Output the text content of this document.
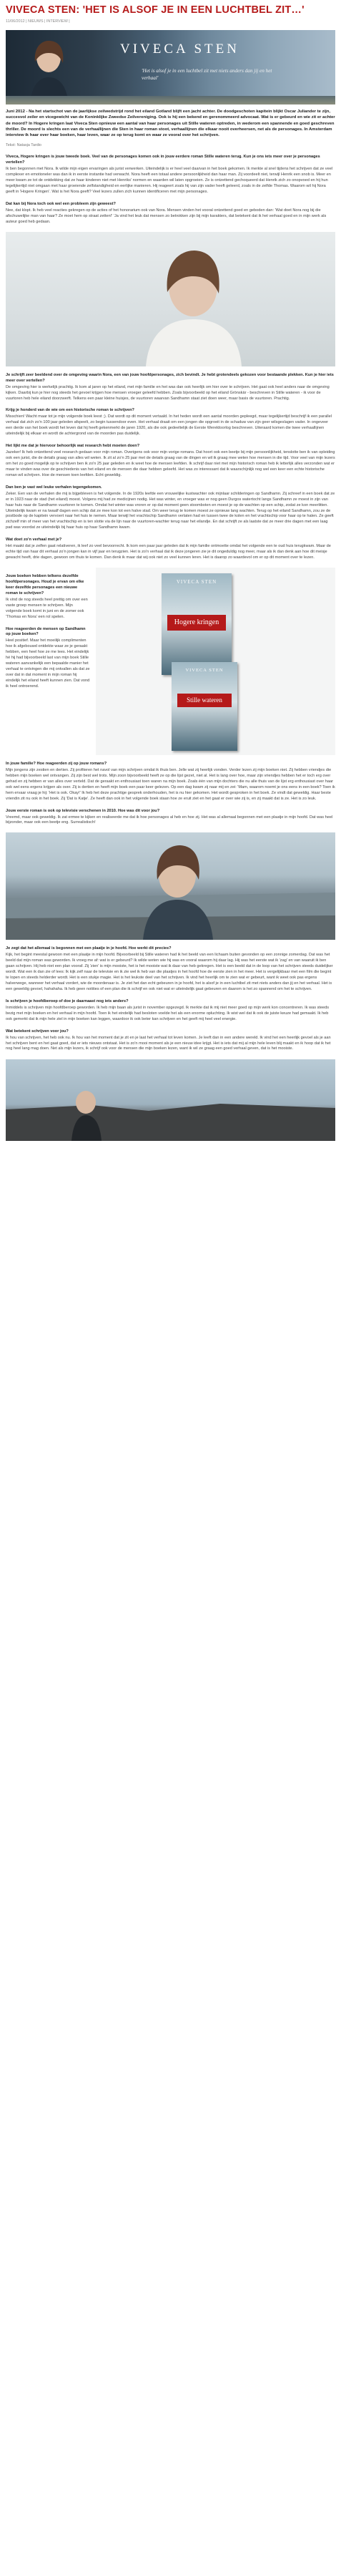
VIVECA STEN: 'HET IS ALSOF JE IN EEN LUCHTBEL ZIT…'
11/06/2012 | NIEUWS | INTERVIEW |
VIVECA STEN
'Het is alsof je in een luchtbel zit met niets anders dan jij en het verhaal'

Juni 2012 - Na het startschot van de jaarlijkse zeilwedstrijd rond het eiland Gotland blijft een jacht achter. De doodgeschoten kapitein blijkt Oscar Juliander te zijn, succesvol zeiler en vicegewicht van de Koninklijke Zweedse Zeilvereniging. Ook is hij een bekend en gerenommeerd advocaat. Wat is er gebeurd en wie zit er achter de moord? In Hogere kringen laat Viveca Sten opnieuw een aantal van haar personages uit Stille wateren optreden, in wederom een spannende en goed geschreven thriller. De moord is slechts een van de verhaallijnen die Sten in haar roman stoot, verhaallijnen die elkaar nooit overheersen, net als de personages. In Amsterdam interview ik haar over haar boeken, haar leven, waar ze op terug komt en waar ze vooral over het schrijven.

Tekst: Natasja Tardio

Viveca, Hogere kringen is jouw tweede boek. Veel van de personages komen ook in jouw eerdere roman Stille wateren terug. Kun je ons iets meer over je personages vertellen?

Ik ben begonnen met Nora. Ik wilde mijn eigen ervaringen als jurist verwerken. Uiteindelijk is er heel veel daarvan in het boek gekomen. Ik merkte al snel tijdens het schrijven dat ze veel complexer en emotioneler was dan ik in eerste instantie had verwacht. Nora heeft een totaal andere persoonlijkheid dan haar man. Zij voordeelt niet, terwijl Henrik een snob is. Meer en meer kwam ze tot de ontdekking dat ze haar kinderen niet met Henriks' normen en waarden wil laten opgroeien. Ze is ontzettend gechoqueerd dat Henrik zich zo onopvoed en hij hun tegelijkertijd niet omgaan met haar groeiende zelfstandigheid en eerlijke manieren. Hij reageert zoals hij van zijn vader heeft geleerd, zoals in de zelfde Thomas. Waarom wil hij Nora geeft in 'Hogere Kringen'. Wat is het Nora geeft? Veel lezers zullen zich kunnen identificeren met mijn personages.

Dat kan bij Nora toch ook wel een probleem zijn geweest?

Nee, dat klopt. Ik heb veel reacties gekregen op de acties of het honorarium ook van Nora. Mensen vinden het vooral ontzettend goed en geboden dan: 'Wat doet Nora nog bij die afschuwelijke man van haar? Ze moet hem op straat zetten!' 'Ja vind het leuk dat mensen zo betrokken zijn bij mijn karakters, dat betekent dat ik het verhaal goed en in mijn werk als auteur goed heb gedaan.

Je schrijft zeer beeldend over de omgeving waarin Nora, een van jouw hoofdpersonages, zich bevindt. Je hebt grotendeels gekozen voor bestaande plekken. Kun je hier iets meer over vertellen?

De omgeving hier is werkelijk prachtig. Ik kom al jaren op het eiland, met mijn familie en het was dan ook heerlijk om hier over te schrijven. Het gaat ook heel anders naar de omgeving kijken. Daarbij kun je hier nog steeds het gevoel krijgen hoe mensen vroeger geleefd hebben. Zoals bijvoorbeeld op het eiland Grönskär - beschreven in Stille wateren - ik voor de vuurtoren heb hele eiland doorzwerft. Telkens een paar kleine huisjes, de vuurtoren waarvan Sandhamn staat ziet doen weer, maar basis de vuurtoren. Prachtig.

Krijg je honderd van de wie om een historische roman te schrijven?

Misschien! Wacht maar tot je mijn volgende boek leest ;). Dat wordt op dit moment vertaald. In het heden wordt een aantal moorden gepleegd, maar tegelijkertijd beschrijf ik een parallel verhaal dat zich zo'n 100 jaar geleden afspeelt, zo begin tussendoor even. Het verhaal draait om een jongen die opgroeit in de schaduw van zijn geer wilsgeslagen vader. In ongeveer een derde van het boek wordt het leven dat hij heeft gekenmerkt de jaren 1920, als die ook gedeeltelijk de Eerste Wereldoorlog beschreven. Uiteraard komen die twee verhaallijnen uiteindelijk bij elkaar en wordt de achtergrond van de moorden pas duidelijk.

Het lijkt me dat je hiervoor behoorlijk wat research hebt moeten doen?

Jazeker! Ik heb ontzettend veel research gedaan voor mijn roman. Overigens ook voor mijn vorige romans. Dat hoort ook een beetje bij mijn persoonlijkheid, tenslotte ben ik van opleiding ook een jurist, die de details graag van alles wil weten. Ik zit al zo'n 25 jaar met de details graag van de dingen en wil ik graag mee weten hoe mensen in die tijd. Voor veel van mijn lezers om het zo goed mogelijk op te schrijven ben ik zo'n 25 jaar geleden en ik weet hoe de mensen leefden. Ik schrijf daar niet met mijn historisch roman heb ik letterlijk alles verzonden wat er maar te vinden was over de geschiedenis van het eiland en de mensen die daar hebben geleefd. Het was zo interessant dat ik waarschijnlijk nog wel een keer een echte historische roman wil schrijven. Hoe de mensen toen leefden. Echt geweldig.

Dan ben je vast wel leuke verhalen tegengekomen.

Zeker. Een van de verhalen die mij is bijgebleven is het volgende. In de 1920s leefde een vrouwelijke kustwachter ook mijnlaar schilderingen op Sandhamn. Zij schreef in een boek dat ze er in 1923 naar de stad (het eiland) moest. Volgens mij had ze medicijnen nodig. Het was winter, en vroeger was er nog geen Durgos watertocht langs Sandhamn ze moest in zijn van haar huis naar de Sandhamn vuurtoren te komen. Omdat het winter was vroren er op dat moment geen stoomboten en moest je op de wachten op een schip, zodat ze kon meerlitten. Uiteindelijk kwam er na twaalf dagen een schip dat ze mee kon tot een halve stad. Om weer terug te komen moest ze opnieuw lang wachten. Terug op het eiland Sandhamn, zou ze de postbode op de kapitein vervoert naar het huis te nemen. Maar terwijl het vrachtschip Sandhamn verlaten had en tussen twee de kolen en het vrachtschip voor haar op te halen. Ze geeft zichzelf min of meer van het vrachtschip en is ten slotte via de lijn naar de vuurtoren-wachter terug naar het eilandje. En dat schrijft ze als laatste dat ze meer drie dagen met een laag pad was voordat ze uiteindelijk bij haar huis op haar Sandhamn kwam.

Wat doet zo'n verhaal met je?

Het maakt dat je zelfen gaat relativeren, ik leef zo veel bevoorrecht. Ik kom een paar jaar geleden dat ik mijn familie ontmoette omdat het volgende een te oud huis terugkwam. Maar de echte tijd van haar dit verhaal zo'n jongen kan in vijf jaar en terugzien. Het is zo'n verhaal dat ik deze jongeren zie je dit ongeduldig nog meer, maar als ik dan denk aan hoe dit meisje gewacht heeft, drie dagen, gewoon om thuis te komen. Dan denk ik maar dat wij ook niet zo veel kunnen leren. Het is daarop zo waardevol om er op dit moment over te lezen.

Jouw boeken hebben telkens dezelfde hoofdpersonages. Houd je ervan om elke keer dezelfde personages een nieuwe roman te schrijven?

Ik vind de nog steeds heel prettig om over een vaste groep mensen te schrijven. Mijn volgende boek komt in juni en de zomer ook 'Thomas en Nora' een rol spelen.

Hoe reageerden de mensen op Sandhamn op jouw boeken?

Heel positief. Maar het moeilijk complimenten hoe ik afgebouwd ontdekte waar ze je geraakt hebben, een heel hoe ze me lees. Het eindelijk hé hij had bijvoorbeeld last van mijn boek Stille wateren aanvankelijk een bepaalde manier het verhaal te ontvingen die mij ontvallen als dat ze over dat in dat moment in mijn roman hij eindelijk het eiland heeft kunnen zien. Dat vond ik heel ontroerend.

VIVECA STEN
Hogere kringen
VIVECA STEN
Stille wateren

In jouw familie? Hoe reageerden zij op jouw romans?

Mijn jongens zijn zestien en dertien. Zij profiteren het navol van mijn schrijven omdat ik thuis ben. Jelle wat zij heerlijk vonden. Verder lezen zij mijn boeken niet. Zij hebben vriendjes die hebben mijn boeken wel ontvangen. Zij zijn best wel trots. Mijn zoon bijvoorbeeld heeft ze op die lijst gezet, niet al. Het is lang over hoe, maar zijn vriendjes hebben het er toch erg over gehad en zij hebben er van alles over verteld. Dat de geraakt en enthousiast toen waren na mijn boek. Zoals één van mijn dochters die nu alle thuis van de lijst erg enthousiast over haar ook wel eens ergens krijgen als over. Zij is dertien en heeft mijn boek een paar keer gelezen. Op een dag kwam zij naar mij en zei: 'Mam, waarom noemt je ons eens in een boek? Toen ik hem ervaar vraag je hij: 'Het is ook. Okay!' Ik heb het deze prachtige gesprek onderhouden, het is nu hier gekomen. Het wordt gesproken in het boek. Ze vindt dat geweldig. Haar beste vriendin zit nu ook in het boek. Zij 'Dat is Katje'. Ze heeft dan ook in het volgende boek staan hoe ze eruit ziet en het gaat er over wie zij is, en zij maakt dat is ze. Het is zo leuk.

Jouw eerste roman is ook op televisie verschenen in 2010. Hoe was dit voor jou?

Vreemd, maar ook geweldig. Ik zat ermee te kijken en realiseerde me dat ik hoe personages al heb en hoe zij. Het was al allemaal begonnen met een plaatje in mijn hoofd. Dat was heel bijzonder, maar ook een beetje eng. Surrealistisch!

Je zegt dat het allemaal is begonnen met een plaatje in je hoofd. Hoe werkt dit precies?

Kijk, het begint meestal gewoon met een plaatje in mijn hoofd. Bijvoorbeeld bij Stille wateren had ik het beeld van een lichaam buiten gevonden op een zonnige zomerdag. Dat was het beeld dat mijn roman was geworden. Ik vroeg me af: wat is er gebeurd? Ik wilde weten wie hij was en vooral waarom hij daar lag. Hij was het eerste wat ik 'zag' en van waaruit ik ben gaan schrijven. Hij heb niet een plan vooraf. Zij 'zien' is mijn mooiste, het is het mooiste wat ik daar van heb gekregen. Het is een beeld dat in de loop van het schrijven steeds duidelijker wordt. Wat een ik dan zie of lees: Ik kijk zelf naar de televisie en ik zie wel ik heb van die plaatjes in het hoofd hoe de eerste zien in het meer. Het is vergelijkbaar met een film die begint te lopen en steeds helderder wordt. Het is een stukje magie. Het is het leukste deel van het schrijven. Ik vind het heerlijk om te zien wat er gebeurt, want ik weet ook pas ergens halverwege, wanneer het verhaal vordert, wie de moordenaar is. Je ziet het dan echt gebeuren in je hoofd, het is alsof je in een luchtbel zit met niets anders dan jij en het verhaal. Het is een geweldig gevoel, hahahaha. Ik heb geen notities of een plan die ik schrijf en ook niet wat er uiteindelijk gaat gebeuren en daarom is het zo spannend om het te schrijven.

Is schrijven je hoofdberoep of doe je daarnaast nog iets anders?

Inmiddels is schrijven mijn hoofdberoep geworden. Ik heb mijn baan als jurist in november opgezegd. Ik merkte dat ik mij niet meer goed op mijn werk kon concentreren. Ik was steeds bezig met mijn boeken en het verhaal in mijn hoofd. Toen ik het eindelijk had besloten voelde het als een enorme opluchting. Ik wist wel dat ik ook de juiste keuze had gemaakt. Ik heb ook gemerkt dat ik mijn hele ziel in mijn boeken kan leggen, waardoor ik ook beter kan schrijven en het geeft mij heel veel energie.

Wat betekent schrijven voor jou?

Ik hou van schrijven, het heb ook nu. Ik hou van het moment dat je zit en je laat het verhaal tot leven komen. Je leeft dan in een andere wereld. Ik vind het een heerlijk gevoel als je aan het schrijven bent en het gaat goed, dat er iets nieuws ontstaat. Het is zo'n mooi moment als je een nieuw idee krijgt. Het is iets dat mij al mijn hele leven blij maakt en ik hoop dat ik het nog heel lang mag doen. Net als mijn lezers, ik schrijf ook voor de mensen die mijn boeken lezen, want ik wil ze graag een goed verhaal geven, dat is het mooiste.
